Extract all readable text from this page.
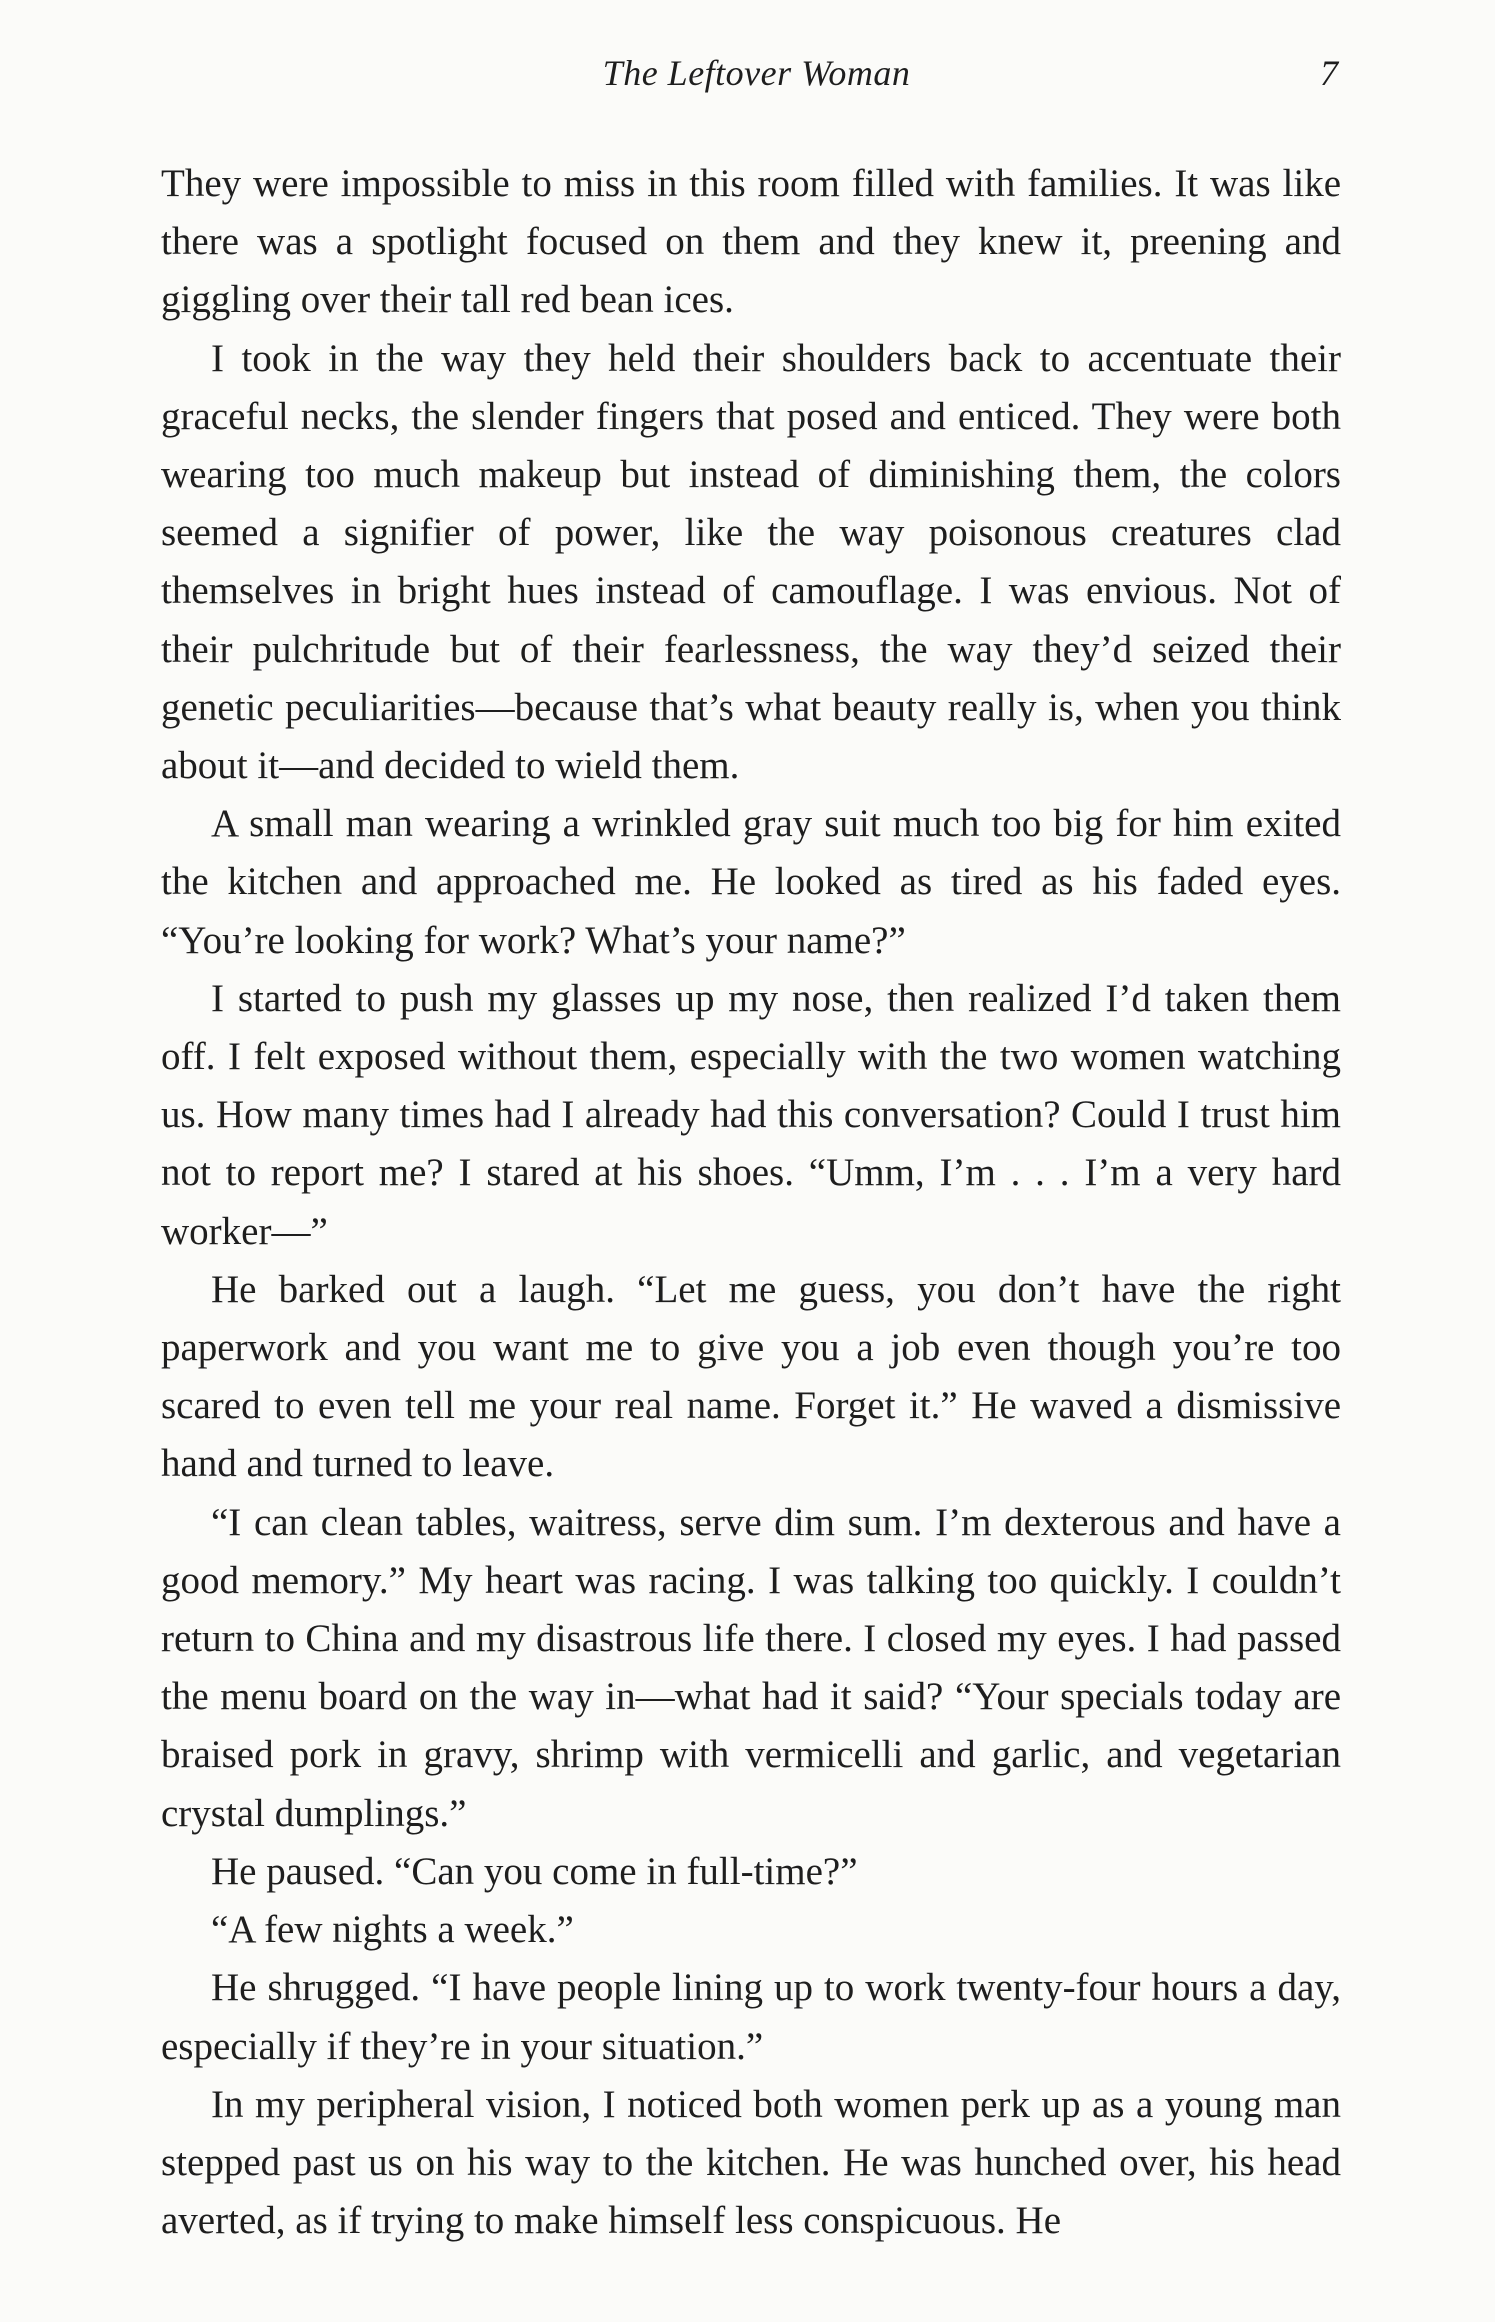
The Leftover Woman	7

They were impossible to miss in this room filled with families. It was like there was a spotlight focused on them and they knew it, preening and giggling over their tall red bean ices.

I took in the way they held their shoulders back to accentuate their graceful necks, the slender fingers that posed and enticed. They were both wearing too much makeup but instead of diminishing them, the colors seemed a signifier of power, like the way poisonous creatures clad themselves in bright hues instead of camouflage. I was envious. Not of their pulchritude but of their fearlessness, the way they’d seized their genetic peculiarities—because that’s what beauty really is, when you think about it—and decided to wield them.

A small man wearing a wrinkled gray suit much too big for him exited the kitchen and approached me. He looked as tired as his faded eyes. “You’re looking for work? What’s your name?”

I started to push my glasses up my nose, then realized I’d taken them off. I felt exposed without them, especially with the two women watching us. How many times had I already had this conversation? Could I trust him not to report me? I stared at his shoes. “Umm, I’m . . . I’m a very hard worker—”

He barked out a laugh. “Let me guess, you don’t have the right paperwork and you want me to give you a job even though you’re too scared to even tell me your real name. Forget it.” He waved a dismissive hand and turned to leave.

“I can clean tables, waitress, serve dim sum. I’m dexterous and have a good memory.” My heart was racing. I was talking too quickly. I couldn’t return to China and my disastrous life there. I closed my eyes. I had passed the menu board on the way in—what had it said? “Your specials today are braised pork in gravy, shrimp with vermicelli and garlic, and vegetarian crystal dumplings.”

He paused. “Can you come in full-time?”

“A few nights a week.”

He shrugged. “I have people lining up to work twenty-four hours a day, especially if they’re in your situation.”

In my peripheral vision, I noticed both women perk up as a young man stepped past us on his way to the kitchen. He was hunched over, his head averted, as if trying to make himself less conspicuous. He
